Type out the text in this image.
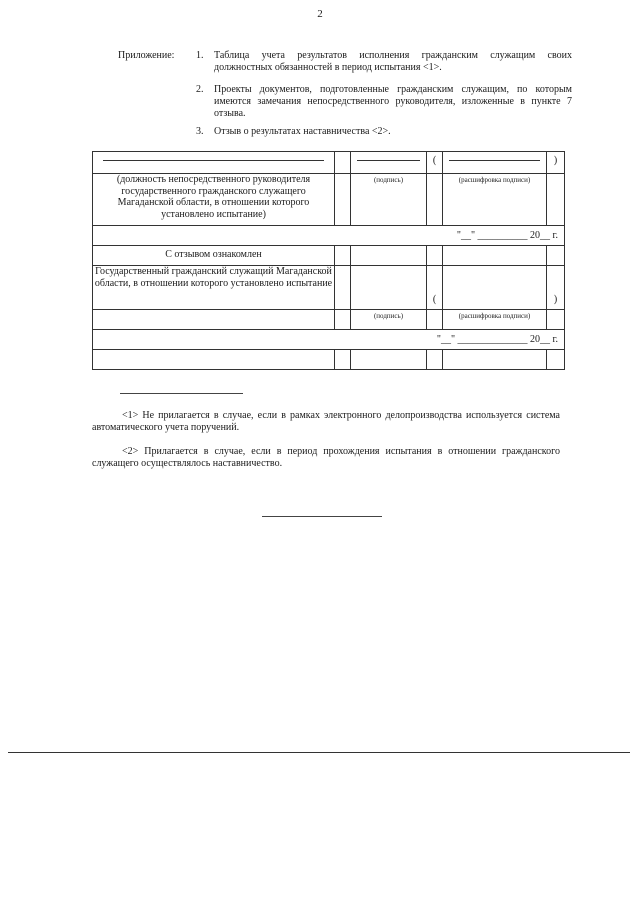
2
Приложение: 1. Таблица учета результатов исполнения гражданским служащим своих должностных обязанностей в период испытания <1>.
2. Проекты документов, подготовленные гражданским служащим, по которым имеются замечания непосредственного руководителя, изложенные в пункте 7 отзыва.
3. Отзыв о результатах наставничества <2>.

	(		)
(должность непосредственного руководителя государственного гражданского служащего Магаданской области, в отношении которого установлено испытание)		(подпись)		(расшифровка подписи)	
"__" __________ 20__ г.					
С отзывом ознакомлен					
Государственный гражданский служащий Магаданской области, в отношении которого установлено испытание			(		)
		(подпись)		(расшифровка подписи)	
"__" ______________ 20__ г.					

<1> Не прилагается в случае, если в рамках электронного делопроизводства используется система автоматического учета поручений.
<2> Прилагается в случае, если в период прохождения испытания в отношении гражданского служащего осуществлялось наставничество.
